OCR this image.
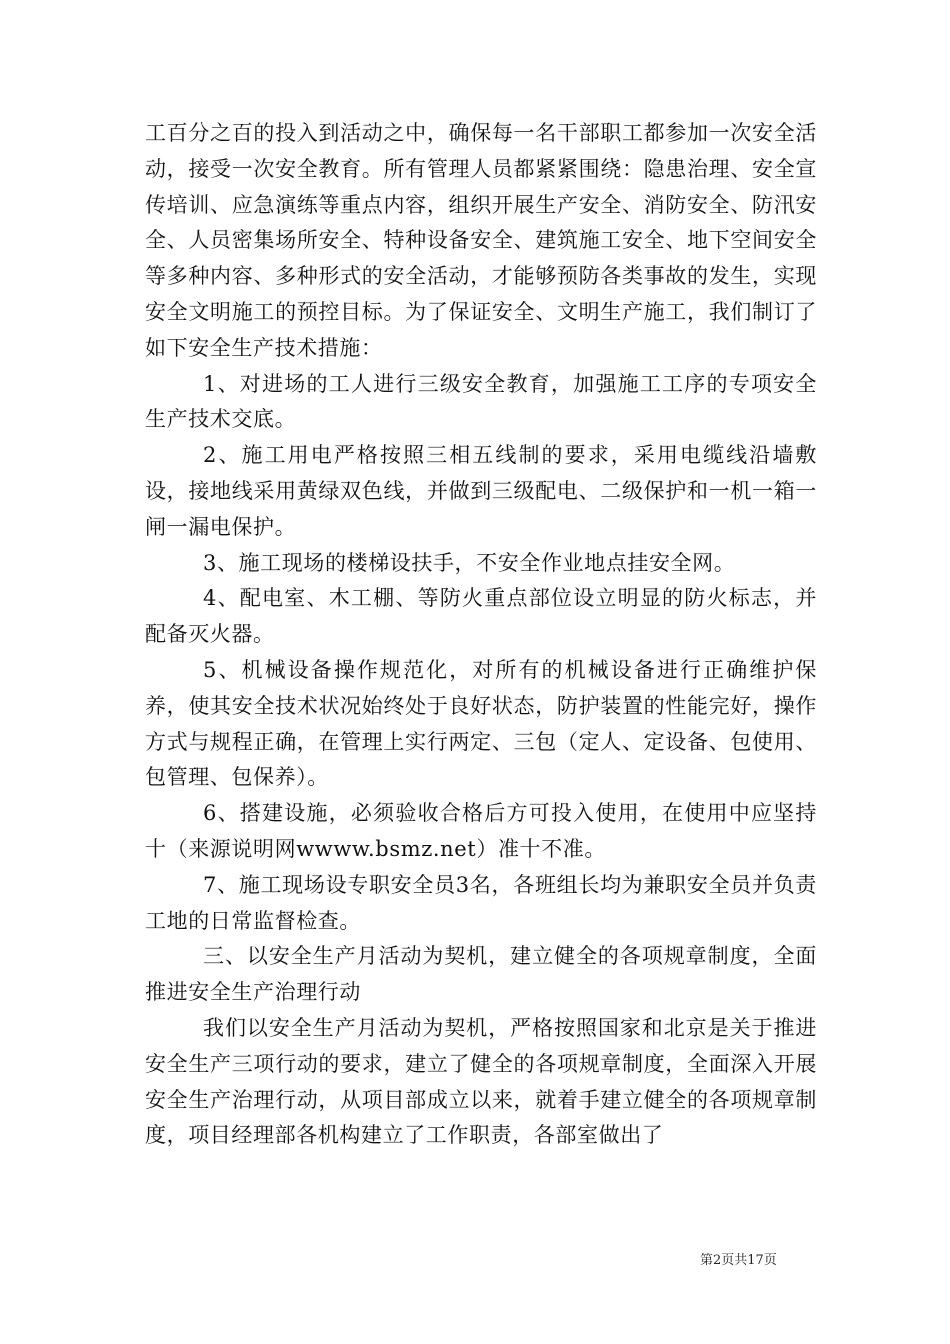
工百分之百的投入到活动之中，确保每一名干部职工都参加一次安全活动，接受一次安全教育。所有管理人员都紧紧围绕：隐患治理、安全宣传培训、应急演练等重点内容，组织开展生产安全、消防安全、防汛安全、人员密集场所安全、特种设备安全、建筑施工安全、地下空间安全等多种内容、多种形式的安全活动，才能够预防各类事故的发生，实现安全文明施工的预控目标。为了保证安全、文明生产施工，我们制订了如下安全生产技术措施：

1、对进场的工人进行三级安全教育，加强施工工序的专项安全生产技术交底。

2、施工用电严格按照三相五线制的要求，采用电缆线沿墙敷设，接地线采用黄绿双色线，并做到三级配电、二级保护和一机一箱一闸一漏电保护。

3、施工现场的楼梯设扶手，不安全作业地点挂安全网。

4、配电室、木工棚、等防火重点部位设立明显的防火标志，并配备灭火器。

5、机械设备操作规范化，对所有的机械设备进行正确维护保养，使其安全技术状况始终处于良好状态，防护装置的性能完好，操作方式与规程正确，在管理上实行两定、三包（定人、定设备、包使用、包管理、包保养）。

6、搭建设施，必须验收合格后方可投入使用，在使用中应坚持十（来源说明网wwww.bsmz.net）准十不准。

7、施工现场设专职安全员3名，各班组长均为兼职安全员并负责工地的日常监督检查。

三、以安全生产月活动为契机，建立健全的各项规章制度，全面推进安全生产治理行动

我们以安全生产月活动为契机，严格按照国家和北京是关于推进安全生产三项行动的要求，建立了健全的各项规章制度，全面深入开展安全生产治理行动，从项目部成立以来，就着手建立健全的各项规章制度，项目经理部各机构建立了工作职责，各部室做出了

第2页共17页
